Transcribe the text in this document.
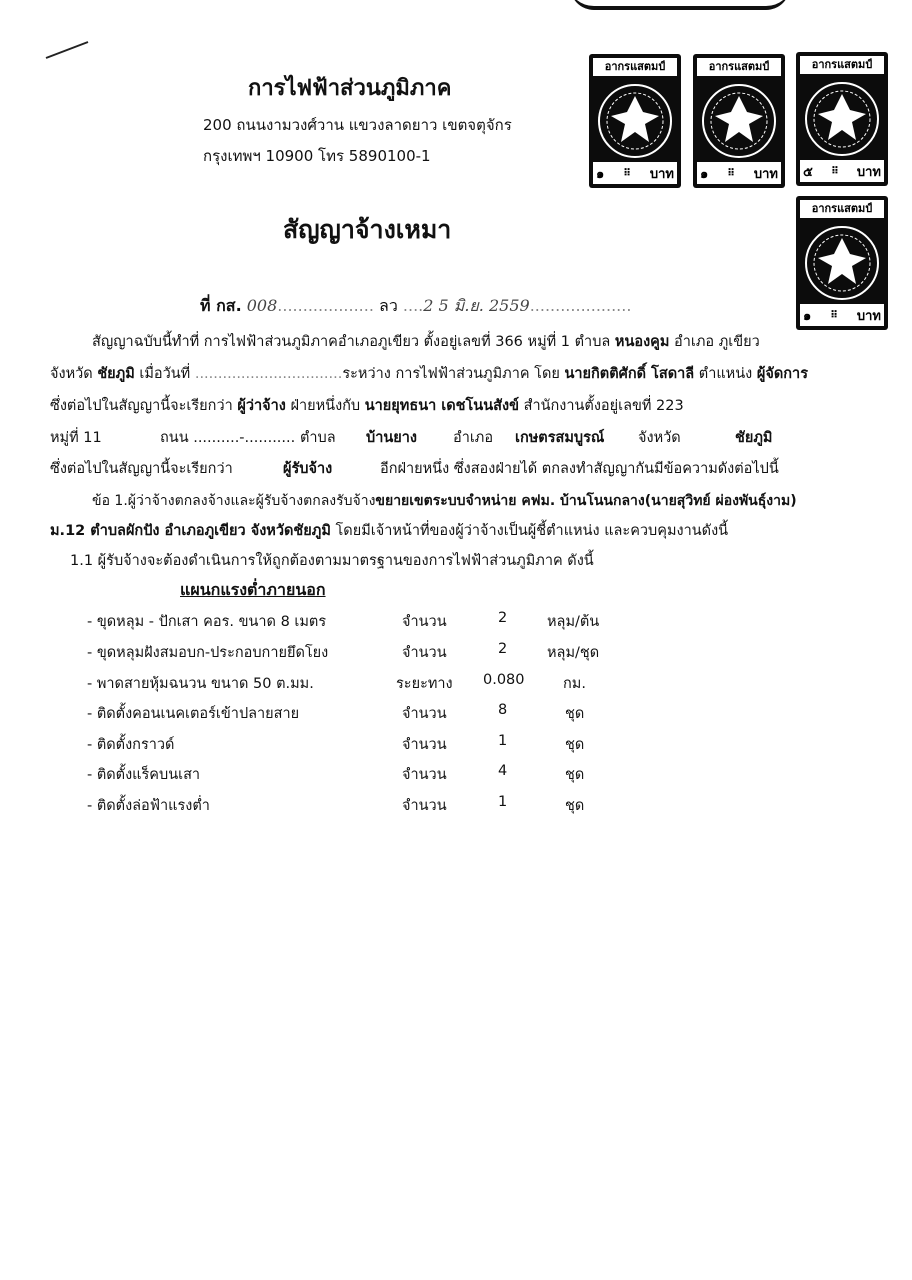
การไฟฟ้าส่วนภูมิภาค
200 ถนนงามวงศ์วาน แขวงลาดยาว เขตจตุจักร
กรุงเทพฯ 10900 โทร 5890100-1
อากรแสตมป์
๑ ⠿ บาท
อากรแสตมป์
๑ ⠿ บาท
อากรแสตมป์
๕ ⠿ บาท
อากรแสตมป์
๑ ⠿ บาท
สัญญาจ้างเหมา
ที่ กส. 008................... ลว ....2 5 มิ.ย. 2559....................
สัญญาฉบับนี้ทำที่ การไฟฟ้าส่วนภูมิภาคอำเภอภูเขียว ตั้งอยู่เลขที่ 366 หมู่ที่ 1 ตำบล หนองคูม อำเภอ ภูเขียว
จังหวัด ชัยภูมิ เมื่อวันที่ ................................ระหว่าง การไฟฟ้าส่วนภูมิภาค โดย นายกิตติศักดิ์ โสดาลี ตำแหน่ง ผู้จัดการ
ซึ่งต่อไปในสัญญานี้จะเรียกว่า ผู้ว่าจ้าง ฝ่ายหนึ่งกับ นายยุทธนา เดชโนนสังข์ สำนักงานตั้งอยู่เลขที่ 223
หมู่ที่ 11	ถนน ..........-........... ตำบล บ้านยาง อำเภอ เกษตรสมบูรณ์ จังหวัด	ชัยภูมิ
ซึ่งต่อไปในสัญญานี้จะเรียกว่า	ผู้รับจ้าง	อีกฝ่ายหนึ่ง ซึ่งสองฝ่ายได้ ตกลงทำสัญญากันมีข้อความดังต่อไปนี้
ข้อ 1.ผู้ว่าจ้างตกลงจ้างและผู้รับจ้างตกลงรับจ้างขยายเขตระบบจำหน่าย คฟม. บ้านโนนกลาง(นายสุวิทย์ ผ่องพันธุ์งาม)
ม.12 ตำบลผักปัง อำเภอภูเขียว จังหวัดชัยภูมิ โดยมีเจ้าหน้าที่ของผู้ว่าจ้างเป็นผู้ชี้ตำแหน่ง และควบคุมงานดังนี้
1.1 ผู้รับจ้างจะต้องดำเนินการให้ถูกต้องตามมาตรฐานของการไฟฟ้าส่วนภูมิภาค ดังนี้
แผนกแรงต่ำภายนอก
- ขุดหลุม - ปักเสา คอร. ขนาด 8 เมตร	จำนวน	2	หลุม/ต้น
- ขุดหลุมฝังสมอบก-ประกอบกายยึดโยง	จำนวน	2	หลุม/ชุด
- พาดสายหุ้มฉนวน ขนาด 50 ต.มม.	ระยะทาง 0.080	กม.
- ติดตั้งคอนเนคเตอร์เข้าปลายสาย	จำนวน	8	ชุด
- ติดตั้งกราวด์	จำนวน	1	ชุด
- ติดตั้งแร็คบนเสา	จำนวน	4	ชุด
- ติดตั้งล่อฟ้าแรงต่ำ	จำนวน	1	ชุด
